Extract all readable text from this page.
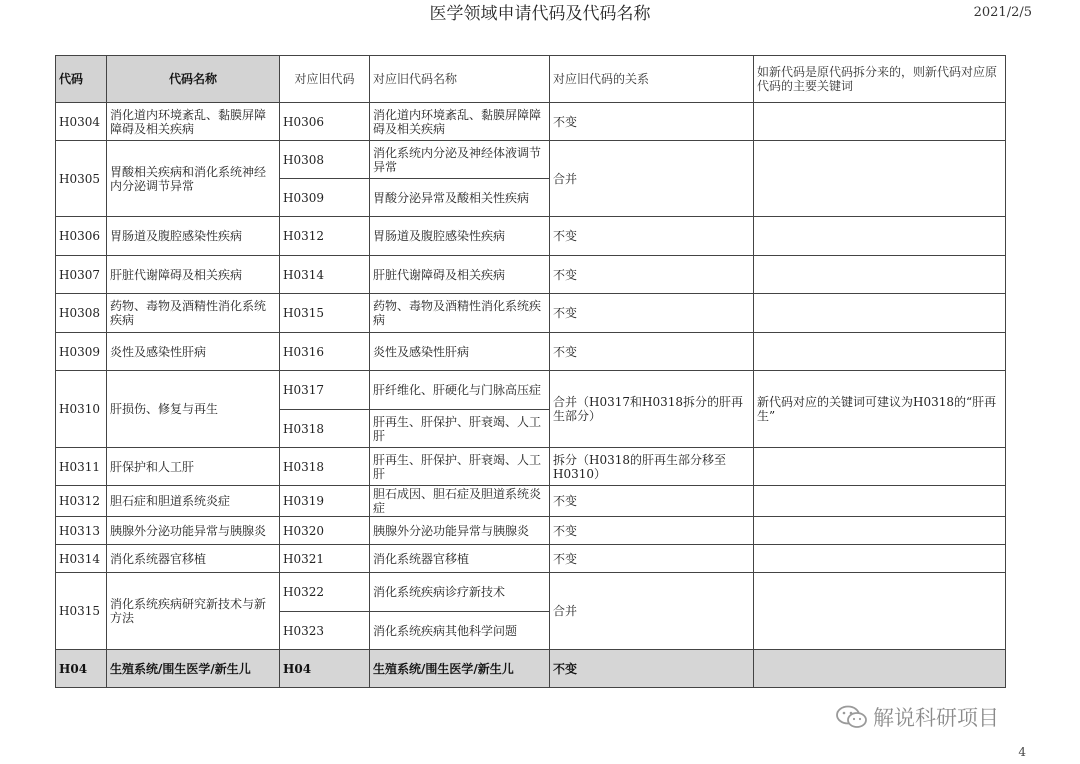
医学领域申请代码及代码名称	2021/2/5
代码	代码名称	对应旧代码	对应旧代码名称	对应旧代码的关系	如新代码是原代码拆分来的，则新代码对应原代码的主要关键词
H0304	消化道内环境紊乱、黏膜屏障障碍及相关疾病	H0306	消化道内环境紊乱、黏膜屏障障碍及相关疾病	不变	
H0305	胃酸相关疾病和消化系统神经内分泌调节异常	H0308	消化系统内分泌及神经体液调节异常	合并	
		H0309	胃酸分泌异常及酸相关性疾病		
H0306	胃肠道及腹腔感染性疾病	H0312	胃肠道及腹腔感染性疾病	不变	
H0307	肝脏代谢障碍及相关疾病	H0314	肝脏代谢障碍及相关疾病	不变	
H0308	药物、毒物及酒精性消化系统疾病	H0315	药物、毒物及酒精性消化系统疾病	不变	
H0309	炎性及感染性肝病	H0316	炎性及感染性肝病	不变	
H0310	肝损伤、修复与再生	H0317	肝纤维化、肝硬化与门脉高压症	合并（H0317和H0318拆分的肝再生部分）	新代码对应的关键词可建议为H0318的“肝再生”
		H0318	肝再生、肝保护、肝衰竭、人工肝		
H0311	肝保护和人工肝	H0318	肝再生、肝保护、肝衰竭、人工肝	拆分（H0318的肝再生部分移至H0310）	
H0312	胆石症和胆道系统炎症	H0319	胆石成因、胆石症及胆道系统炎症	不变	
H0313	胰腺外分泌功能异常与胰腺炎	H0320	胰腺外分泌功能异常与胰腺炎	不变	
H0314	消化系统器官移植	H0321	消化系统器官移植	不变	
H0315	消化系统疾病研究新技术与新方法	H0322	消化系统疾病诊疗新技术	合并	
		H0323	消化系统疾病其他科学问题		
H04	生殖系统/围生医学/新生儿	H04	生殖系统/围生医学/新生儿	不变	
解说科研项目
4
